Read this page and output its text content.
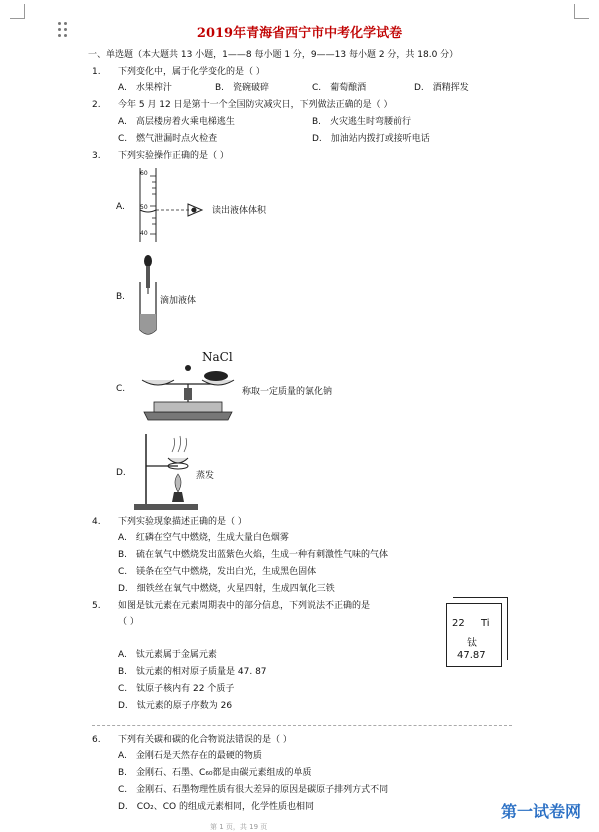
2019年青海省西宁市中考化学试卷
一、单选题（本大题共 13 小题，1——8 每小题 1 分，9——13 每小题 2 分，共 18.0 分）
1. 下列变化中，属于化学变化的是（ ）
A.　水果榨汁	B.　瓷碗破碎	C.　葡萄酿酒	D.　酒精挥发
2. 今年 5 月 12 日是第十一个全国防灾减灾日，下列做法正确的是（ ）
A.　高层楼房着火乘电梯逃生	B.　火灾逃生时弯腰前行
C.　燃气泄漏时点火检查	D.　加油站内拨打或接听电话
3. 下列实验操作正确的是（ ）
A.
60
50
40
读出液体体积
B.	滴加液体
C.
NaCl
称取一定质量的氯化钠
D.	蒸发
4. 下列实验现象描述正确的是（ ）
A.　红磷在空气中燃烧，生成大量白色烟雾
B.　硫在氧气中燃烧发出蓝紫色火焰，生成一种有刺激性气味的气体
C.　镁条在空气中燃烧，发出白光，生成黑色固体
D.　细铁丝在氧气中燃烧，火星四射，生成四氧化三铁
5. 如图是钛元素在元素周期表中的部分信息，下列说法不正确的是
（ ）
A.　钛元素属于金属元素
B.　钛元素的相对原子质量是 47. 87
C.　钛原子核内有 22 个质子
D.　钛元素的原子序数为 26
22 Ti
钛
47.87
6. 下列有关碳和碳的化合物说法错误的是（ ）
A.　金刚石是天然存在的最硬的物质
B.　金刚石、石墨、C₆₀都是由碳元素组成的单质
C.　金刚石、石墨物理性质有很大差异的原因是碳原子排列方式不同
D.　CO₂、CO 的组成元素相同，化学性质也相同	第一试卷网
第 1 页，共 19 页
